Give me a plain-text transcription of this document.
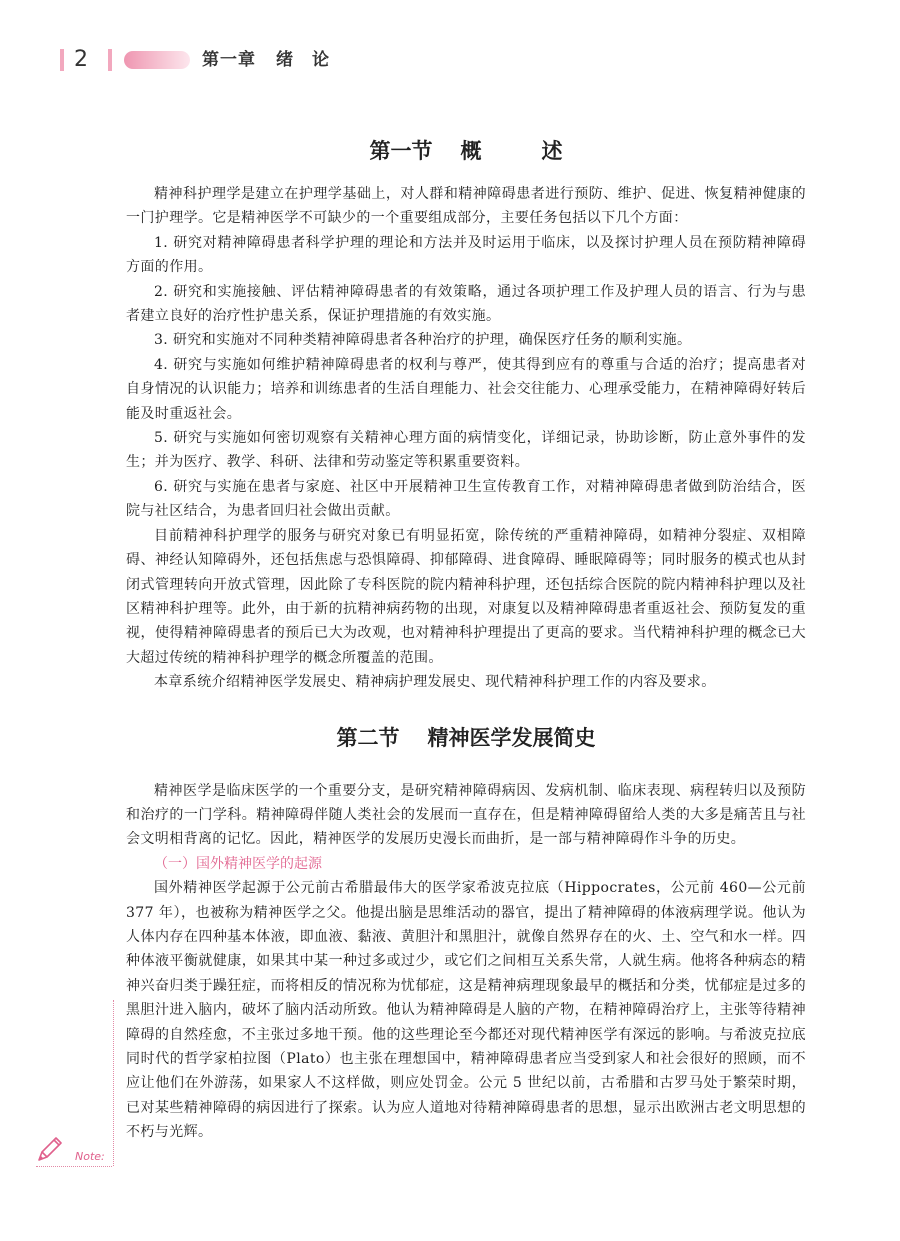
2	第一章 绪　论
第一节 概	述

精神科护理学是建立在护理学基础上，对人群和精神障碍患者进行预防、维护、促进、恢复精神健康的一门护理学。它是精神医学不可缺少的一个重要组成部分，主要任务包括以下几个方面：

1. 研究对精神障碍患者科学护理的理论和方法并及时运用于临床，以及探讨护理人员在预防精神障碍方面的作用。

2. 研究和实施接触、评估精神障碍患者的有效策略，通过各项护理工作及护理人员的语言、行为与患者建立良好的治疗性护患关系，保证护理措施的有效实施。

3. 研究和实施对不同种类精神障碍患者各种治疗的护理，确保医疗任务的顺利实施。

4. 研究与实施如何维护精神障碍患者的权利与尊严，使其得到应有的尊重与合适的治疗；提高患者对自身情况的认识能力；培养和训练患者的生活自理能力、社会交往能力、心理承受能力，在精神障碍好转后能及时重返社会。

5. 研究与实施如何密切观察有关精神心理方面的病情变化，详细记录，协助诊断，防止意外事件的发生；并为医疗、教学、科研、法律和劳动鉴定等积累重要资料。

6. 研究与实施在患者与家庭、社区中开展精神卫生宣传教育工作，对精神障碍患者做到防治结合，医院与社区结合，为患者回归社会做出贡献。

目前精神科护理学的服务与研究对象已有明显拓宽，除传统的严重精神障碍，如精神分裂症、双相障碍、神经认知障碍外，还包括焦虑与恐惧障碍、抑郁障碍、进食障碍、睡眠障碍等；同时服务的模式也从封闭式管理转向开放式管理，因此除了专科医院的院内精神科护理，还包括综合医院的院内精神科护理以及社区精神科护理等。此外，由于新的抗精神病药物的出现，对康复以及精神障碍患者重返社会、预防复发的重视，使得精神障碍患者的预后已大为改观，也对精神科护理提出了更高的要求。当代精神科护理的概念已大大超过传统的精神科护理学的概念所覆盖的范围。

本章系统介绍精神医学发展史、精神病护理发展史、现代精神科护理工作的内容及要求。

第二节 精神医学发展简史

精神医学是临床医学的一个重要分支，是研究精神障碍病因、发病机制、临床表现、病程转归以及预防和治疗的一门学科。精神障碍伴随人类社会的发展而一直存在，但是精神障碍留给人类的大多是痛苦且与社会文明相背离的记忆。因此，精神医学的发展历史漫长而曲折，是一部与精神障碍作斗争的历史。

（一）国外精神医学的起源

国外精神医学起源于公元前古希腊最伟大的医学家希波克拉底（Hippocrates，公元前 460—公元前 377 年），也被称为精神医学之父。他提出脑是思维活动的器官，提出了精神障碍的体液病理学说。他认为人体内存在四种基本体液，即血液、黏液、黄胆汁和黑胆汁，就像自然界存在的火、土、空气和水一样。四种体液平衡就健康，如果其中某一种过多或过少，或它们之间相互关系失常，人就生病。他将各种病态的精神兴奋归类于躁狂症，而将相反的情况称为忧郁症，这是精神病理现象最早的概括和分类，忧郁症是过多的黑胆汁进入脑内，破坏了脑内活动所致。他认为精神障碍是人脑的产物，在精神障碍治疗上，主张等待精神障碍的自然痊愈，不主张过多地干预。他的这些理论至今都还对现代精神医学有深远的影响。与希波克拉底同时代的哲学家柏拉图（Plato）也主张在理想国中，精神障碍患者应当受到家人和社会很好的照顾，而不应让他们在外游荡，如果家人不这样做，则应处罚金。公元 5 世纪以前，古希腊和古罗马处于繁荣时期，已对某些精神障碍的病因进行了探索。认为应人道地对待精神障碍患者的思想，显示出欧洲古老文明思想的不朽与光辉。

Note:
